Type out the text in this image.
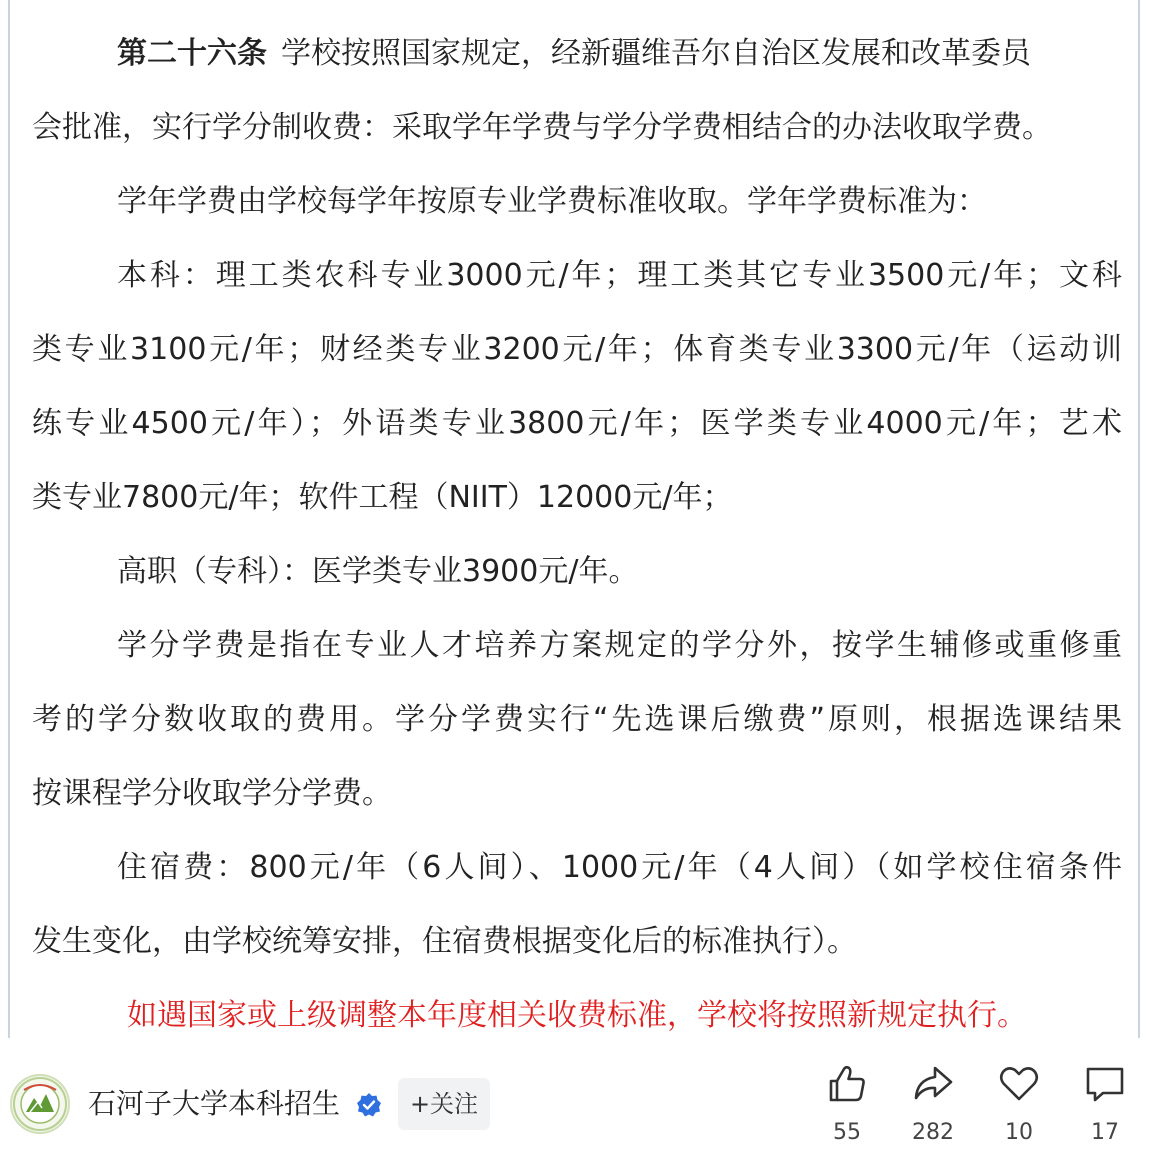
第二十六条 学校按照国家规定，经新疆维吾尔自治区发展和改革委员
会批准，实行学分制收费：采取学年学费与学分学费相结合的办法收取学费。
学年学费由学校每学年按原专业学费标准收取。学年学费标准为：
本科：理工类农科专业3000元/年；理工类其它专业3500元/年；文科
类专业3100元/年；财经类专业3200元/年；体育类专业3300元/年（运动训
练专业4500元/年）；外语类专业3800元/年；医学类专业4000元/年；艺术
类专业7800元/年；软件工程（NIIT）12000元/年；
高职（专科）：医学类专业3900元/年。
学分学费是指在专业人才培养方案规定的学分外，按学生辅修或重修重
考的学分数收取的费用。学分学费实行“先选课后缴费”原则，根据选课结果
按课程学分收取学分学费。
住宿费：800元/年（6人间）、1000元/年（4人间）（如学校住宿条件
发生变化，由学校统筹安排，住宿费根据变化后的标准执行）。
如遇国家或上级调整本年度相关收费标准，学校将按照新规定执行。
石河子大学本科招生	+关注
55	282	10	17
